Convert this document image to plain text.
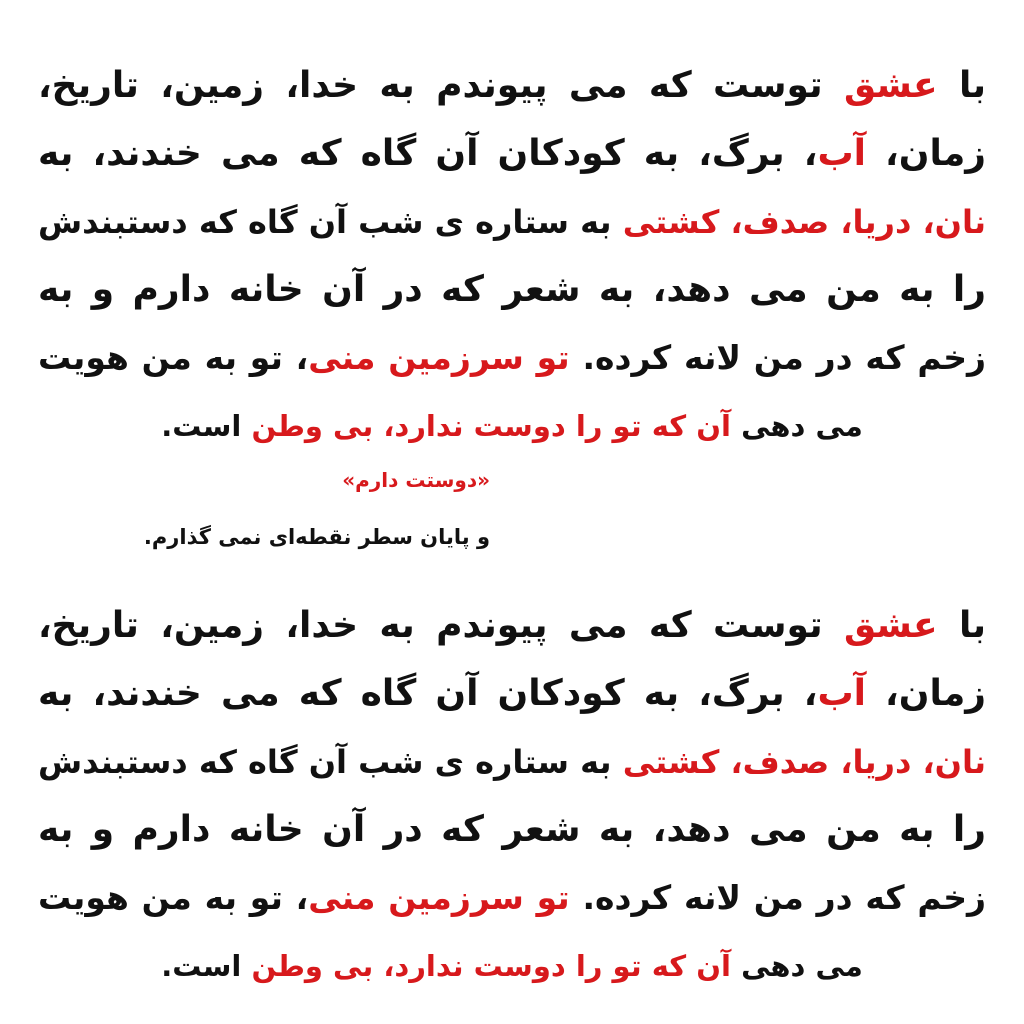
با عشق توست که می پیوندم به خدا، زمین، تاریخ،
زمان، آب، برگ، به کودکان آن گاه که می خندند، به
نان، دریا، صدف، کشتی به ستاره ی شب آن گاه که دستبندش
را به من می دهد، به شعر که در آن خانه دارم و به
زخم که در من لانه کرده. تو سرزمین منی، تو به من هویت
می دهی آن که تو را دوست ندارد، بی وطن است.
«دوستت دارم»
و پایان سطر نقطه‌ای نمی گذارم.
با عشق توست که می پیوندم به خدا، زمین، تاریخ،
زمان، آب، برگ، به کودکان آن گاه که می خندند، به
نان، دریا، صدف، کشتی به ستاره ی شب آن گاه که دستبندش
را به من می دهد، به شعر که در آن خانه دارم و به
زخم که در من لانه کرده. تو سرزمین منی، تو به من هویت
می دهی آن که تو را دوست ندارد، بی وطن است.
